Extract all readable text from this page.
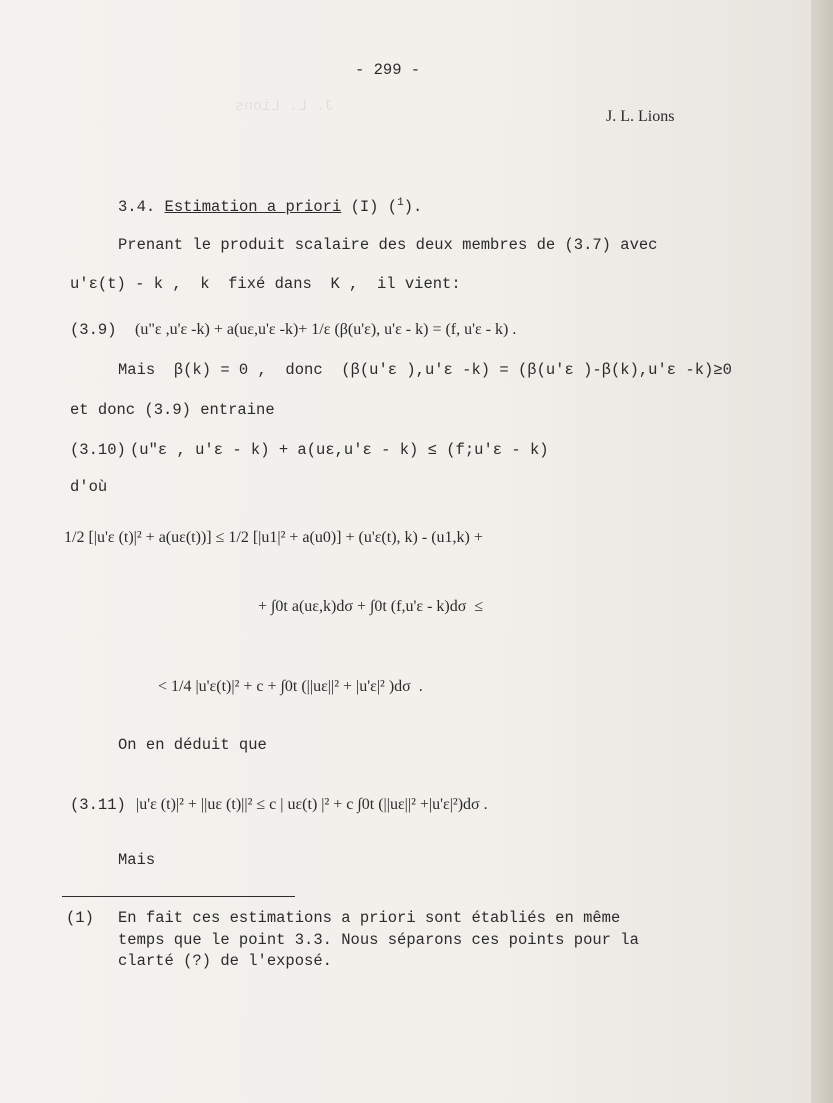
J. L. Lions
- 299 -
J. L. Lions
3.4. Estimation a priori (I) ($^1$).
Prenant le produit scalaire des deux membres de (3.7) avec
u'ε(t) - k ,  k  fixé dans  K ,  il vient:
(3.9) (u"ε ,u'ε -k) + a(uε,u'ε -k)+ 1/ε (β(u'ε), u'ε - k) = (f, u'ε - k) .
Mais  β(k) = 0 ,  donc  (β(u'ε ),u'ε -k) = (β(u'ε )-β(k),u'ε -k)≥0
et donc (3.9) entraine
(3.10) (u"ε , u'ε - k) + a(uε,u'ε - k) ≤ (f;u'ε - k)
d'où
1/2 [|u'ε (t)|² + a(uε(t))] ≤ 1/2 [|u1|² + a(u0)] + (u'ε(t), k) - (u1,k) +
+ ∫0t a(uε,k)dσ + ∫0t (f,u'ε - k)dσ  ≤
< 1/4 |u'ε(t)|² + c + ∫0t (||uε||² + |u'ε|² )dσ  .
On en déduit que
(3.11) |u'ε (t)|² + ||uε (t)||² ≤ c | uε(t) |² + c ∫0t (||uε||² +|u'ε|²)dσ .
Mais
(1) En fait ces estimations a priori sont établiés en même
temps que le point 3.3. Nous séparons ces points pour la
clarté (?) de l'exposé.
